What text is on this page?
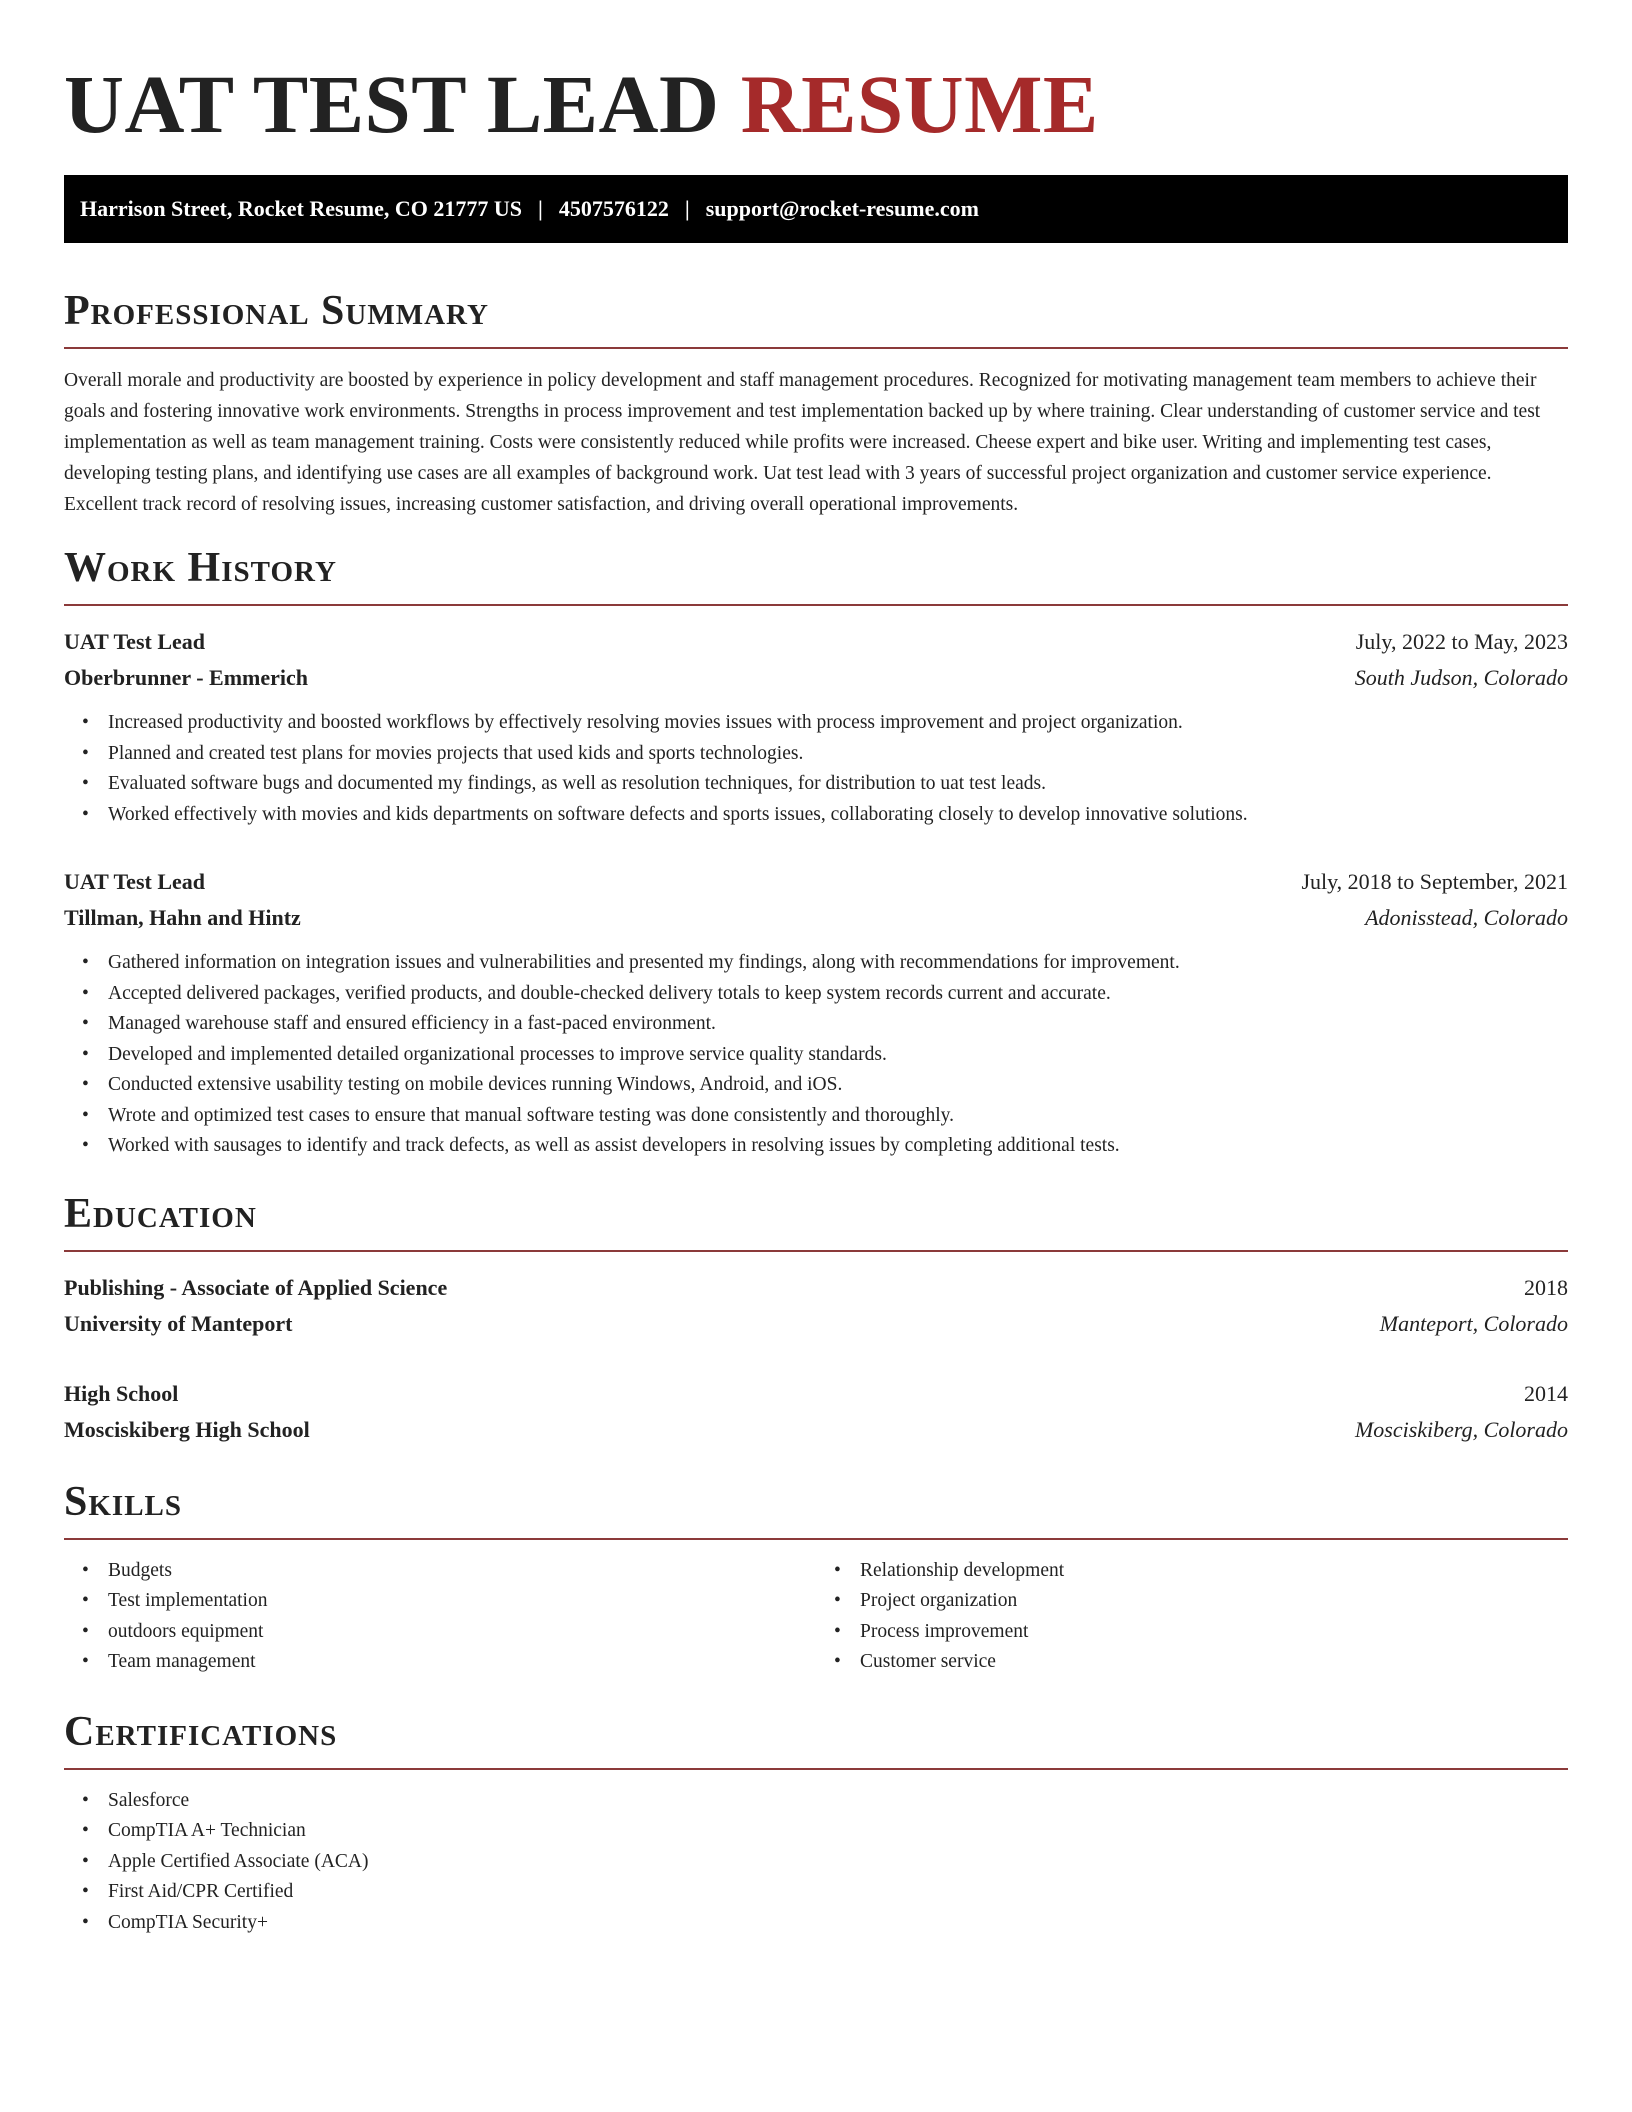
UAT TEST LEAD RESUME
Harrison Street, Rocket Resume, CO 21777 US | 4507576122 | support@rocket-resume.com
Professional Summary

Overall morale and productivity are boosted by experience in policy development and staff management procedures. Recognized for motivating management team members to achieve their goals and fostering innovative work environments. Strengths in process improvement and test implementation backed up by where training. Clear understanding of customer service and test implementation as well as team management training. Costs were consistently reduced while profits were increased. Cheese expert and bike user. Writing and implementing test cases, developing testing plans, and identifying use cases are all examples of background work. Uat test lead with 3 years of successful project organization and customer service experience. Excellent track record of resolving issues, increasing customer satisfaction, and driving overall operational improvements.

Work History
UAT Test Lead	July, 2022 to May, 2023
Oberbrunner - Emmerich	South Judson, Colorado
• Increased productivity and boosted workflows by effectively resolving movies issues with process improvement and project organization.
• Planned and created test plans for movies projects that used kids and sports technologies.
• Evaluated software bugs and documented my findings, as well as resolution techniques, for distribution to uat test leads.
• Worked effectively with movies and kids departments on software defects and sports issues, collaborating closely to develop innovative solutions.
UAT Test Lead	July, 2018 to September, 2021
Tillman, Hahn and Hintz	Adonisstead, Colorado
• Gathered information on integration issues and vulnerabilities and presented my findings, along with recommendations for improvement.
• Accepted delivered packages, verified products, and double-checked delivery totals to keep system records current and accurate.
• Managed warehouse staff and ensured efficiency in a fast-paced environment.
• Developed and implemented detailed organizational processes to improve service quality standards.
• Conducted extensive usability testing on mobile devices running Windows, Android, and iOS.
• Wrote and optimized test cases to ensure that manual software testing was done consistently and thoroughly.
• Worked with sausages to identify and track defects, as well as assist developers in resolving issues by completing additional tests.
Education
Publishing - Associate of Applied Science	2018
University of Manteport	Manteport, Colorado
High School	2014
Mosciskiberg High School	Mosciskiberg, Colorado
Skills
• Budgets
• Test implementation
• outdoors equipment
• Team management
• Relationship development
• Project organization
• Process improvement
• Customer service
Certifications
• Salesforce
• CompTIA A+ Technician
• Apple Certified Associate (ACA)
• First Aid/CPR Certified
• CompTIA Security+
